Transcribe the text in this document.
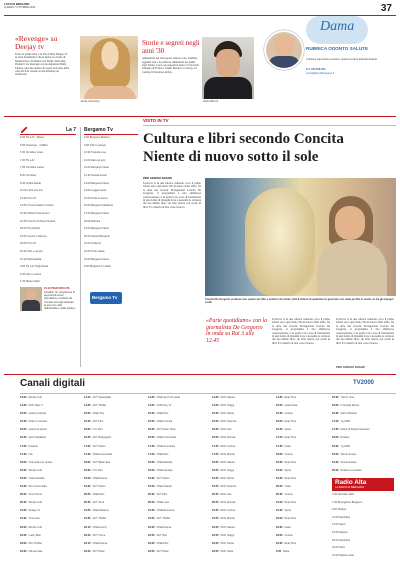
L'ECO DI BERGAMO
LUNEDÌ 7 OTTOBRE 2013	37
«Revenge» su Deejay tv
Torna la prima serie e la diva Emily Deejay Tv la serie drammatica che si ispira al «Conte di Montecristo» di Dumas con Emily VanCamp. Prende il via Revenge con protagonista Emily Thorne, giovane donna che torna di ritorno nella casa dove ha vissuto la sua infanzia per vendicarsi.
Emily VanCamp
Storie e segreti negli anni '30
Ambientato nei tali segreti, amore, lotte, drammi, aggiunti vite e la pellicola ambientata nei primi anni Trenta. Con la protagonista Anna e il Secondo il Regno di Francia. Giulio Berruti a Cowboy e il casting di Downton Abbey.
Giulio Berruti
Dama
RUBRICA ODONTO SALUTE
Il dottore rispondono ai lettori, quesiti sul temi dell'odontoiatria
Tel. 035.358.200
prima@lecodibergamo.it
La 7
6.00 TG LA7 - Meteo
6.55 Oroscopo - Traffico
7.00 Omnibus news
7.30 TG LA7
7.55 Omnibus meteo
8.00 Omnibus
9.45 Coffee Break
11.00 L'aria che tira
13.30 TG LA7
14.05 Il Commissario Cordier
15.45 Il Bouch Cameroon
16.45 Il ritorno di Sea Frontera
18.00 The District
19.00 Cuochi e fiamme
20.00 TG LA7
20.30 Otto e mezzo
21.10 Piazzapulita
0.00 TG LA7 Night Desk
0.45 Otto e mezzo
1.25 Movie Flash
21.10 PIAZZAPULITA
Attualità. Un programma di approfondimento giornalistico condotto da Corrado Formigli dedicato ai temi più caldi dell'attualità e della politica.
Bergamo Tv
6.00 Bergamo Mattina
9.00 Tutti in campo
10.30 Youtube Live
11.00 Zaini ed eroi
12.00 Bergamo News
12.30 Scuola Arredi
13.00 Bergamo News
14.00 Leggermente
15.00 Tutta la scena
16.00 Bergamo Medicina
17.00 Bergamo News
18.00 Rubrica
19.00 Bergamo News
20.00 Parole Bergamo
21.00 Ciclismo
22.00 Tutto salute
23.00 Bergamo News
0.00 Bergamo Tv Notte
Bergamo Tv
VISTO IN TV
Cultura e libri secondo Concita
Niente di nuovo sotto il sole
PIER GIORGIO NOSARI
Torna in tv in una rubrica culturale, ecco il primo sabato sera ogni tanto. Ha di nuovo della sfida, fra le altre che ricorda. Protagonista Concita De Gregorio, il programma è una ambiziosa conversazione, è in pratica un corso di formazione in una forma di dialoghi dove è presente lo scrittore del suo ultimo libro, un altro autore con scelte di libri. È la libertà di dire cosa è nuovo.
Concita De Gregorio conduce uno spazio per libri e cultura che attrae 1,6/1,8 milioni di spettatori in giornata: non male per Rai 3, anche se tra gli impegni serali
«Parte quotidiano» con la giornalista De Gregorio in onda su Rai 3 alle 12.45
Torna in tv in una rubrica culturale, ecco il primo sabato sera ogni tanto. Ha di nuovo della sfida, fra le altre che ricorda. Protagonista Concita De Gregorio, il programma è una ambiziosa conversazione, è in pratica un corso di formazione in una forma di dialoghi dove è presente lo scrittore del suo ultimo libro, un altro autore con scelte di libri. È la libertà di dire cosa è nuovo.
Torna in tv in una rubrica culturale, ecco il primo sabato sera ogni tanto. Ha di nuovo della sfida, fra le altre che ricorda. Protagonista Concita De Gregorio, il programma è una ambiziosa conversazione, è in pratica un corso di formazione in una forma di dialoghi dove è presente lo scrittore del suo ultimo libro, un altro autore con scelte di libri. È la libertà di dire cosa è nuovo.
PIER GIORGIO NOSARI
Canali digitali	TV2000
14.00 Mondo Cult
14.30 DOC Rete 4
15.00 Cartoni animati
15.30 Dritto e rovescio
16.00 Caccia al tesoro
16.30 Sport Mediaset
17.00 Festival
17.30 Life
18.00 Una notte per amare
18.30 Mondo Cult
19.00 Casa Vianello
19.30 Film Commedia
20.00 Gran Torino
20.30 Mondo Cult
21.00 Deejay Tv
21.30 Cine ama
22.00 Mondo Cult
22.30 Lucky Man
23.00 Film Thriller
23.30 Ultima notte
14.10 ACT Spaceballs
14.35 ACT Thriller
15.05 CINE Vita
15.30 ACT Film
16.00 LTC Film
16.35 ACT Bodyguard
17.00 ACT Action
17.30 CINE Commedia
18.00 ACT Black Sea
18.30 LTC Film
19.00 CINE Drama
19.30 ACT Action
20.05 CINE Film
20.35 ACT Sci-fi
21.05 CINE Western
21.35 ACT Thriller
22.10 CINE Horror
22.40 ACT Crime
23.10 CINE Drama
23.40 ACT Notte
14.20 CINE Senti chi parla
14.50 COM Pay Tv
15.20 CINE Film
15.50 CINE Comica
16.20 ACT Pawn Shop
16.50 CINE Commedia
17.20 CINE Avventura
17.50 CINE Film
18.20 CINE Musical
18.50 CINE Fantasy
19.20 ACT Action
19.50 CINE Classic
20.20 ACT Film
20.50 CINE Love
21.20 CINE Romance
21.50 ACT Thriller
22.20 CINE Drama
22.50 ACT Noir
23.20 CINE Film
23.50 ACT Notte
14.25 DOC Natura
14.55 DOC Viaggi
15.25 DOC Storia
15.55 DOC Scienza
16.25 DOC Arte
16.55 DOC Animali
17.25 DOC Cucina
17.55 DOC Mondo
18.25 DOC Natura
18.55 DOC Viaggi
19.25 DOC Storia
19.55 DOC Scienza
20.25 DOC Arte
20.55 DOC Animali
21.25 DOC Cucina
21.55 DOC Mondo
22.25 DOC Natura
22.55 DOC Viaggi
23.25 DOC Storia
23.55 DOC Notte
14.30 Real Time
15.00 Casa Casa
15.30 Cucina
16.00 Real Time
16.30 Sposi
17.00 Real Time
17.30 Casa
18.00 Cucina
18.30 Real Time
19.00 Sposi
19.30 Real Time
20.00 Casa
20.30 Cucina
21.00 Real Time
21.30 Sposi
22.00 Real Time
22.30 Casa
23.00 Cucina
23.30 Real Time
0.00 Notte
15.30 Tutti in rosa
16.00 Il Grande Rosso
16.30 Santo Rosario
17.00 Tg 2000
17.30 Diario di Papa Francesco
18.00 Rosario
18.30 Tg 2000
19.00 Attenti al lupo
19.30 Documentario
20.00 Rosario a Lourdes
Radio Alta
LA RADIO DI BERGAMO
7.00 Giornale radio
7.30 Buongiorno Bergamo
9.00 Musica
12.00 Notiziario
13.00 Sport
15.00 Musica
18.00 Notiziario
19.00 Sera
21.00 Musica notte
